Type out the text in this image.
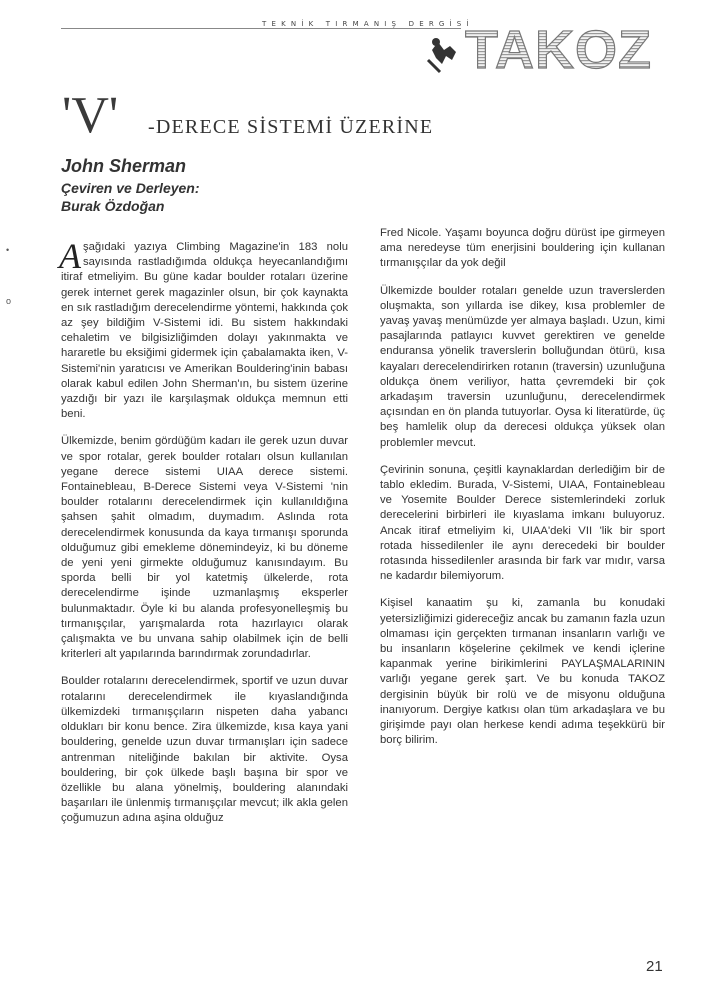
TEKNİK TIRMANIŞ DERGİSİ
TAKOZ
'V' -DERECE SİSTEMİ ÜZERİNE
John Sherman
Çeviren ve Derleyen:
Burak Özdoğan
•
ο

Aşağıdaki yazıya Climbing Magazine'in 183 nolu sayısında rastladığımda oldukça heyecanlandığımı itiraf etmeliyim. Bu güne kadar boulder rotaları üzerine gerek internet gerek magazinler olsun, bir çok kaynakta en sık rastladığım derecelendirme yöntemi, hakkında çok az şey bildiğim V-Sistemi idi. Bu sistem hakkındaki cehaletim ve bilgisizliğimden dolayı yakınmakta ve hararetle bu eksiğimi gidermek için çabalamakta iken, V-Sistemi'nin yaratıcısı ve Amerikan Bouldering'inin babası olarak kabul edilen John Sherman'ın, bu sistem üzerine yazdığı bir yazı ile karşılaşmak oldukça memnun etti beni.

Ülkemizde, benim gördüğüm kadarı ile gerek uzun duvar ve spor rotalar, gerek boulder rotaları olsun kullanılan yegane derece sistemi UIAA derece sistemi. Fontainebleau, B-Derece Sistemi veya V-Sistemi 'nin boulder rotalarını derecelendirmek için kullanıldığına şahsen şahit olmadım, duymadım. Aslında rota derecelendirmek konusunda da kaya tırmanışı sporunda olduğumuz gibi emekleme dönemindeyiz, ki bu döneme de yeni yeni girmekte olduğumuz kanısındayım. Bu sporda belli bir yol katetmiş ülkelerde, rota derecelendirme işinde uzmanlaşmış eksperler bulunmaktadır. Öyle ki bu alanda profesyonelleşmiş bu tırmanışçılar, yarışmalarda rota hazırlayıcı olarak çalışmakta ve bu unvana sahip olabilmek için de belli kriterleri alt yapılarında barındırmak zorundadırlar.

Boulder rotalarını derecelendirmek, sportif ve uzun duvar rotalarını derecelendirmek ile kıyaslandığında ülkemizdeki tırmanışçıların nispeten daha yabancı oldukları bir konu bence. Zira ülkemizde, kısa kaya yani bouldering, genelde uzun duvar tırmanışları için sadece antrenman niteliğinde bakılan bir aktivite. Oysa bouldering, bir çok ülkede başlı başına bir spor ve özellikle bu alana yönelmiş, bouldering alanındaki başarıları ile ünlenmiş tırmanışçılar mevcut; ilk akla gelen çoğumuzun adına aşina olduğuz

Fred Nicole. Yaşamı boyunca doğru dürüst ipe girmeyen ama neredeyse tüm enerjisini bouldering için kullanan tırmanışçılar da yok değil

Ülkemizde boulder rotaları genelde uzun traverslerden oluşmakta, son yıllarda ise dikey, kısa problemler de yavaş yavaş menümüzde yer almaya başladı. Uzun, kimi pasajlarında patlayıcı kuvvet gerektiren ve genelde enduransa yönelik traverslerin bolluğundan ötürü, kısa kayaları derecelendirirken rotanın (traversin) uzunluğuna oldukça önem veriliyor, hatta çevremdeki bir çok arkadaşım traversin uzunluğunu, derecelendirmek açısından en ön planda tutuyorlar. Oysa ki literatürde, üç beş hamlelik olup da derecesi oldukça yüksek olan problemler mevcut.

Çevirinin sonuna, çeşitli kaynaklardan derlediğim bir de tablo ekledim. Burada, V-Sistemi, UIAA, Fontainebleau ve Yosemite Boulder Derece sistemlerindeki zorluk derecelerini birbirleri ile kıyaslama imkanı buluyoruz. Ancak itiraf etmeliyim ki, UIAA'deki VII 'lik bir sport rotada hissedilenler ile aynı derecedeki bir boulder rotasında hissedilenler arasında bir fark var mıdır, varsa ne kadardır bilemiyorum.

Kişisel kanaatim şu ki, zamanla bu konudaki yetersizliğimizi gidereceğiz ancak bu zamanın fazla uzun olmaması için gerçekten tırmanan insanların varlığı ve bu insanların köşelerine çekilmek ve kendi içlerine kapanmak yerine birikimlerini PAYLAŞMALARININ varlığı yegane gerek şart. Ve bu konuda TAKOZ dergisinin büyük bir rolü ve de misyonu olduğuna inanıyorum. Dergiye katkısı olan tüm arkadaşlara ve bu girişimde payı olan herkese kendi adıma teşekkürü bir borç bilirim.

21
